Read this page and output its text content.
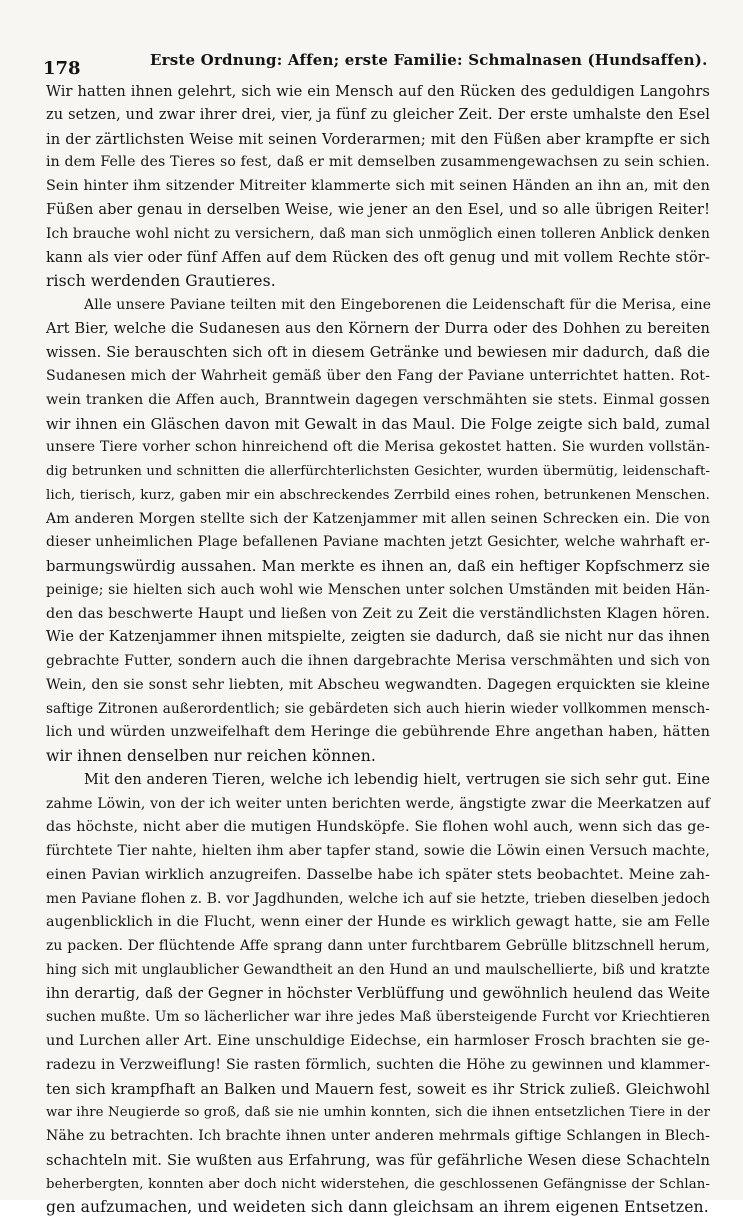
178	Erste Ordnung: Affen; erste Familie: Schmalnasen (Hundsaffen).

Wir hatten ihnen gelehrt, sich wie ein Mensch auf den Rücken des geduldigen Langohrs
zu setzen, und zwar ihrer drei, vier, ja fünf zu gleicher Zeit. Der erste umhalste den Esel
in der zärtlichsten Weise mit seinen Vorderarmen; mit den Füßen aber krampfte er sich
in dem Felle des Tieres so fest, daß er mit demselben zusammengewachsen zu sein schien.
Sein hinter ihm sitzender Mitreiter klammerte sich mit seinen Händen an ihn an, mit den
Füßen aber genau in derselben Weise, wie jener an den Esel, und so alle übrigen Reiter!
Ich brauche wohl nicht zu versichern, daß man sich unmöglich einen tolleren Anblick denken
kann als vier oder fünf Affen auf dem Rücken des oft genug und mit vollem Rechte stör-
risch werdenden Grautieres.

Alle unsere Paviane teilten mit den Eingeborenen die Leidenschaft für die Merisa, eine
Art Bier, welche die Sudanesen aus den Körnern der Durra oder des Dohhen zu bereiten
wissen. Sie berauschten sich oft in diesem Getränke und bewiesen mir dadurch, daß die
Sudanesen mich der Wahrheit gemäß über den Fang der Paviane unterrichtet hatten. Rot-
wein tranken die Affen auch, Branntwein dagegen verschmähten sie stets. Einmal gossen
wir ihnen ein Gläschen davon mit Gewalt in das Maul. Die Folge zeigte sich bald, zumal
unsere Tiere vorher schon hinreichend oft die Merisa gekostet hatten. Sie wurden vollstän-
dig betrunken und schnitten die allerfürchterlichsten Gesichter, wurden übermütig, leidenschaft-
lich, tierisch, kurz, gaben mir ein abschreckendes Zerrbild eines rohen, betrunkenen Menschen.
Am anderen Morgen stellte sich der Katzenjammer mit allen seinen Schrecken ein. Die von
dieser unheimlichen Plage befallenen Paviane machten jetzt Gesichter, welche wahrhaft er-
barmungswürdig aussahen. Man merkte es ihnen an, daß ein heftiger Kopfschmerz sie
peinige; sie hielten sich auch wohl wie Menschen unter solchen Umständen mit beiden Hän-
den das beschwerte Haupt und ließen von Zeit zu Zeit die verständlichsten Klagen hören.
Wie der Katzenjammer ihnen mitspielte, zeigten sie dadurch, daß sie nicht nur das ihnen
gebrachte Futter, sondern auch die ihnen dargebrachte Merisa verschmähten und sich von
Wein, den sie sonst sehr liebten, mit Abscheu wegwandten. Dagegen erquickten sie kleine
saftige Zitronen außerordentlich; sie gebärdeten sich auch hierin wieder vollkommen mensch-
lich und würden unzweifelhaft dem Heringe die gebührende Ehre angethan haben, hätten
wir ihnen denselben nur reichen können.

Mit den anderen Tieren, welche ich lebendig hielt, vertrugen sie sich sehr gut. Eine
zahme Löwin, von der ich weiter unten berichten werde, ängstigte zwar die Meerkatzen auf
das höchste, nicht aber die mutigen Hundsköpfe. Sie flohen wohl auch, wenn sich das ge-
fürchtete Tier nahte, hielten ihm aber tapfer stand, sowie die Löwin einen Versuch machte,
einen Pavian wirklich anzugreifen. Dasselbe habe ich später stets beobachtet. Meine zah-
men Paviane flohen z. B. vor Jagdhunden, welche ich auf sie hetzte, trieben dieselben jedoch
augenblicklich in die Flucht, wenn einer der Hunde es wirklich gewagt hatte, sie am Felle
zu packen. Der flüchtende Affe sprang dann unter furchtbarem Gebrülle blitzschnell herum,
hing sich mit unglaublicher Gewandtheit an den Hund an und maulschellierte, biß und kratzte
ihn derartig, daß der Gegner in höchster Verblüffung und gewöhnlich heulend das Weite
suchen mußte. Um so lächerlicher war ihre jedes Maß übersteigende Furcht vor Kriechtieren
und Lurchen aller Art. Eine unschuldige Eidechse, ein harmloser Frosch brachten sie ge-
radezu in Verzweiflung! Sie rasten förmlich, suchten die Höhe zu gewinnen und klammer-
ten sich krampfhaft an Balken und Mauern fest, soweit es ihr Strick zuließ. Gleichwohl
war ihre Neugierde so groß, daß sie nie umhin konnten, sich die ihnen entsetzlichen Tiere in der
Nähe zu betrachten. Ich brachte ihnen unter anderen mehrmals giftige Schlangen in Blech-
schachteln mit. Sie wußten aus Erfahrung, was für gefährliche Wesen diese Schachteln
beherbergten, konnten aber doch nicht widerstehen, die geschlossenen Gefängnisse der Schlan-
gen aufzumachen, und weideten sich dann gleichsam an ihrem eigenen Entsetzen.
